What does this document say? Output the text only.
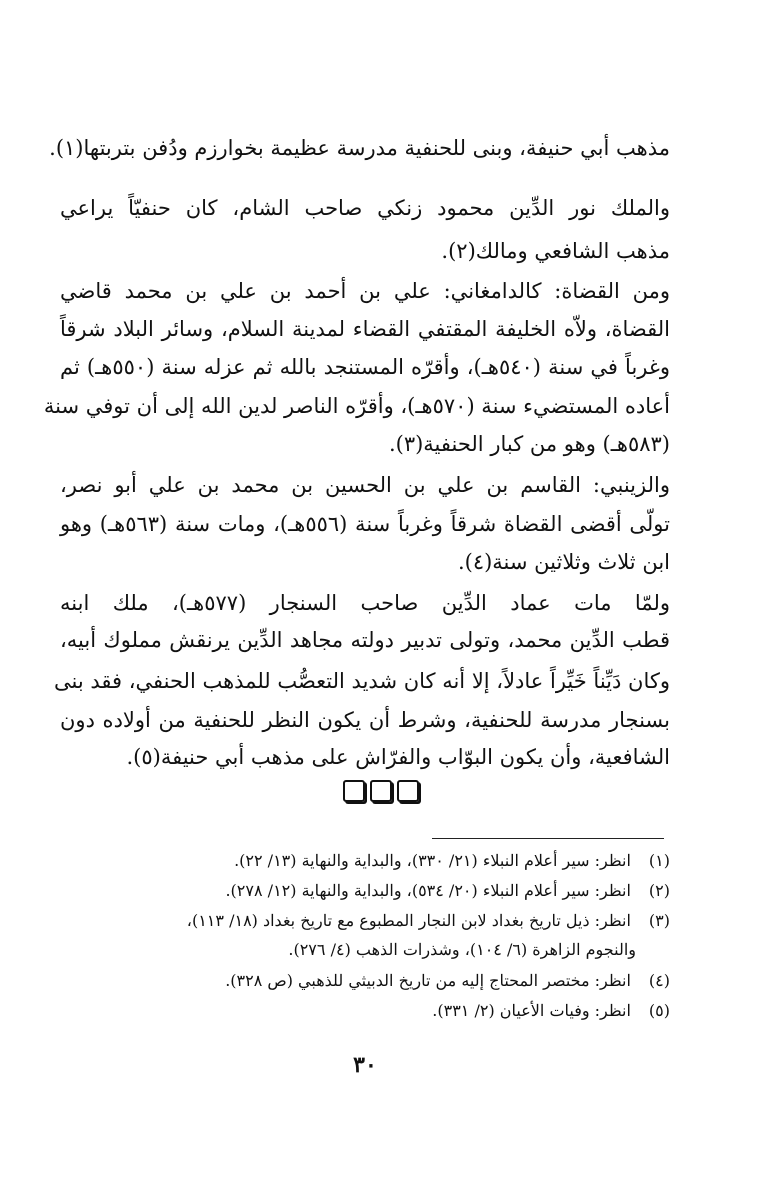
مذهب أبي حنيفة، وبنى للحنفية مدرسة عظيمة بخوارزم ودُفن بتربتها(١).
والملك نور الدِّين محمود زنكي صاحب الشام، كان حنفيّاً يراعي
مذهب الشافعي ومالك(٢).
ومن القضاة: كالدامغاني: علي بن أحمد بن علي بن محمد قاضي
القضاة، ولاّه الخليفة المقتفي القضاء لمدينة السلام، وسائر البلاد شرقاً
وغرباً في سنة (٥٤٠هـ)، وأقرّه المستنجد بالله ثم عزله سنة (٥٥٠هـ) ثم
أعاده المستضيء سنة (٥٧٠هـ)، وأقرّه الناصر لدين الله إلى أن توفي سنة
(٥٨٣هـ) وهو من كبار الحنفية(٣).
والزينبي: القاسم بن علي بن الحسين بن محمد بن علي أبو نصر،
تولّى أقضى القضاة شرقاً وغرباً سنة (٥٥٦هـ)، ومات سنة (٥٦٣هـ) وهو
ابن ثلاث وثلاثين سنة(٤).
ولمّا مات عماد الدِّين صاحب السنجار (٥٧٧هـ)، ملك ابنه
قطب الدِّين محمد، وتولى تدبير دولته مجاهد الدِّين يرنقش مملوك أبيه،
وكان دَيِّناً خَيِّراً عادلاً، إلا أنه كان شديد التعصُّب للمذهب الحنفي، فقد بنى
بسنجار مدرسة للحنفية، وشرط أن يكون النظر للحنفية من أولاده دون
الشافعية، وأن يكون البوّاب والفرّاش على مذهب أبي حنيفة(٥).
(١) انظر: سير أعلام النبلاء (٢١/ ٣٣٠)، والبداية والنهاية (١٣/ ٢٢).
(٢) انظر: سير أعلام النبلاء (٢٠/ ٥٣٤)، والبداية والنهاية (١٢/ ٢٧٨).
(٣) انظر: ذيل تاريخ بغداد لابن النجار المطبوع مع تاريخ بغداد (١٨/ ١١٣)،
والنجوم الزاهرة (٦/ ١٠٤)، وشذرات الذهب (٤/ ٢٧٦).
(٤) انظر: مختصر المحتاج إليه من تاريخ الدبيثي للذهبي (ص ٣٢٨).
(٥) انظر: وفيات الأعيان (٢/ ٣٣١).
٣٠
